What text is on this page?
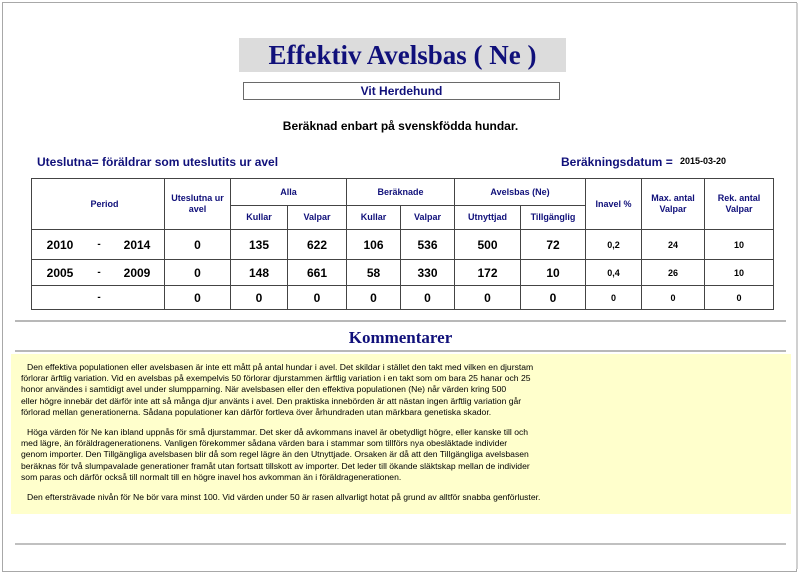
Effektiv Avelsbas ( Ne )
Vit Herdehund
Beräknad enbart på svenskfödda hundar.
Uteslutna= föräldrar som uteslutits ur avel	Beräkningsdatum = 2015-03-20
Period	Uteslutna ur avel	Alla		Beräknade		Avelsbas (Ne)		Inavel %	Max. antal Valpar	Rek. antal Valpar
		Kullar	Valpar	Kullar	Valpar	Utnyttjad	Tillgänglig			

2010 - 2014	0	135	622	106	536	500	72	0,2	24	10

2005 - 2009	0	148	661	58	330	172	10	0,4	26	10

-	0	0	0	0	0	0	0	0	0	0
Kommentarer

Den effektiva populationen eller avelsbasen är inte ett mått på antal hundar i avel. Det skildar i stället den takt med vilken en djurstam
förlorar ärftlig variation. Vid en avelsbas på exempelvis 50 förlorar djurstammen ärftlig variation i en takt som om bara 25 hanar och 25
honor användes i samtidigt avel under slumpparning. När avelsbasen eller den effektiva populationen (Ne) når värden kring 500
eller högre innebär det därför inte att så många djur använts i avel. Den praktiska innebörden är att nästan ingen ärftlig variation går
förlorad mellan generationerna. Sådana populationer kan därför fortleva över århundraden utan märkbara genetiska skador.

Höga värden för Ne kan ibland uppnås för små djurstammar. Det sker då avkommans inavel är obetydligt högre, eller kanske till och
med lägre, än föräldragenerationens. Vanligen förekommer sådana värden bara i stammar som tillförs nya obesläktade individer
genom importer. Den Tillgängliga avelsbasen blir då som regel lägre än den Utnyttjade. Orsaken är då att den Tillgängliga avelsbasen
beräknas för två slumpavalade generationer framåt utan fortsatt tillskott av importer. Det leder till ökande släktskap mellan de individer
som paras och därför också till normalt till en högre inavel hos avkomman än i föräldragenerationen.

Den eftersträvade nivån för Ne bör vara minst 100. Vid värden under 50 är rasen allvarligt hotat på grund av alltför snabba genförluster.
